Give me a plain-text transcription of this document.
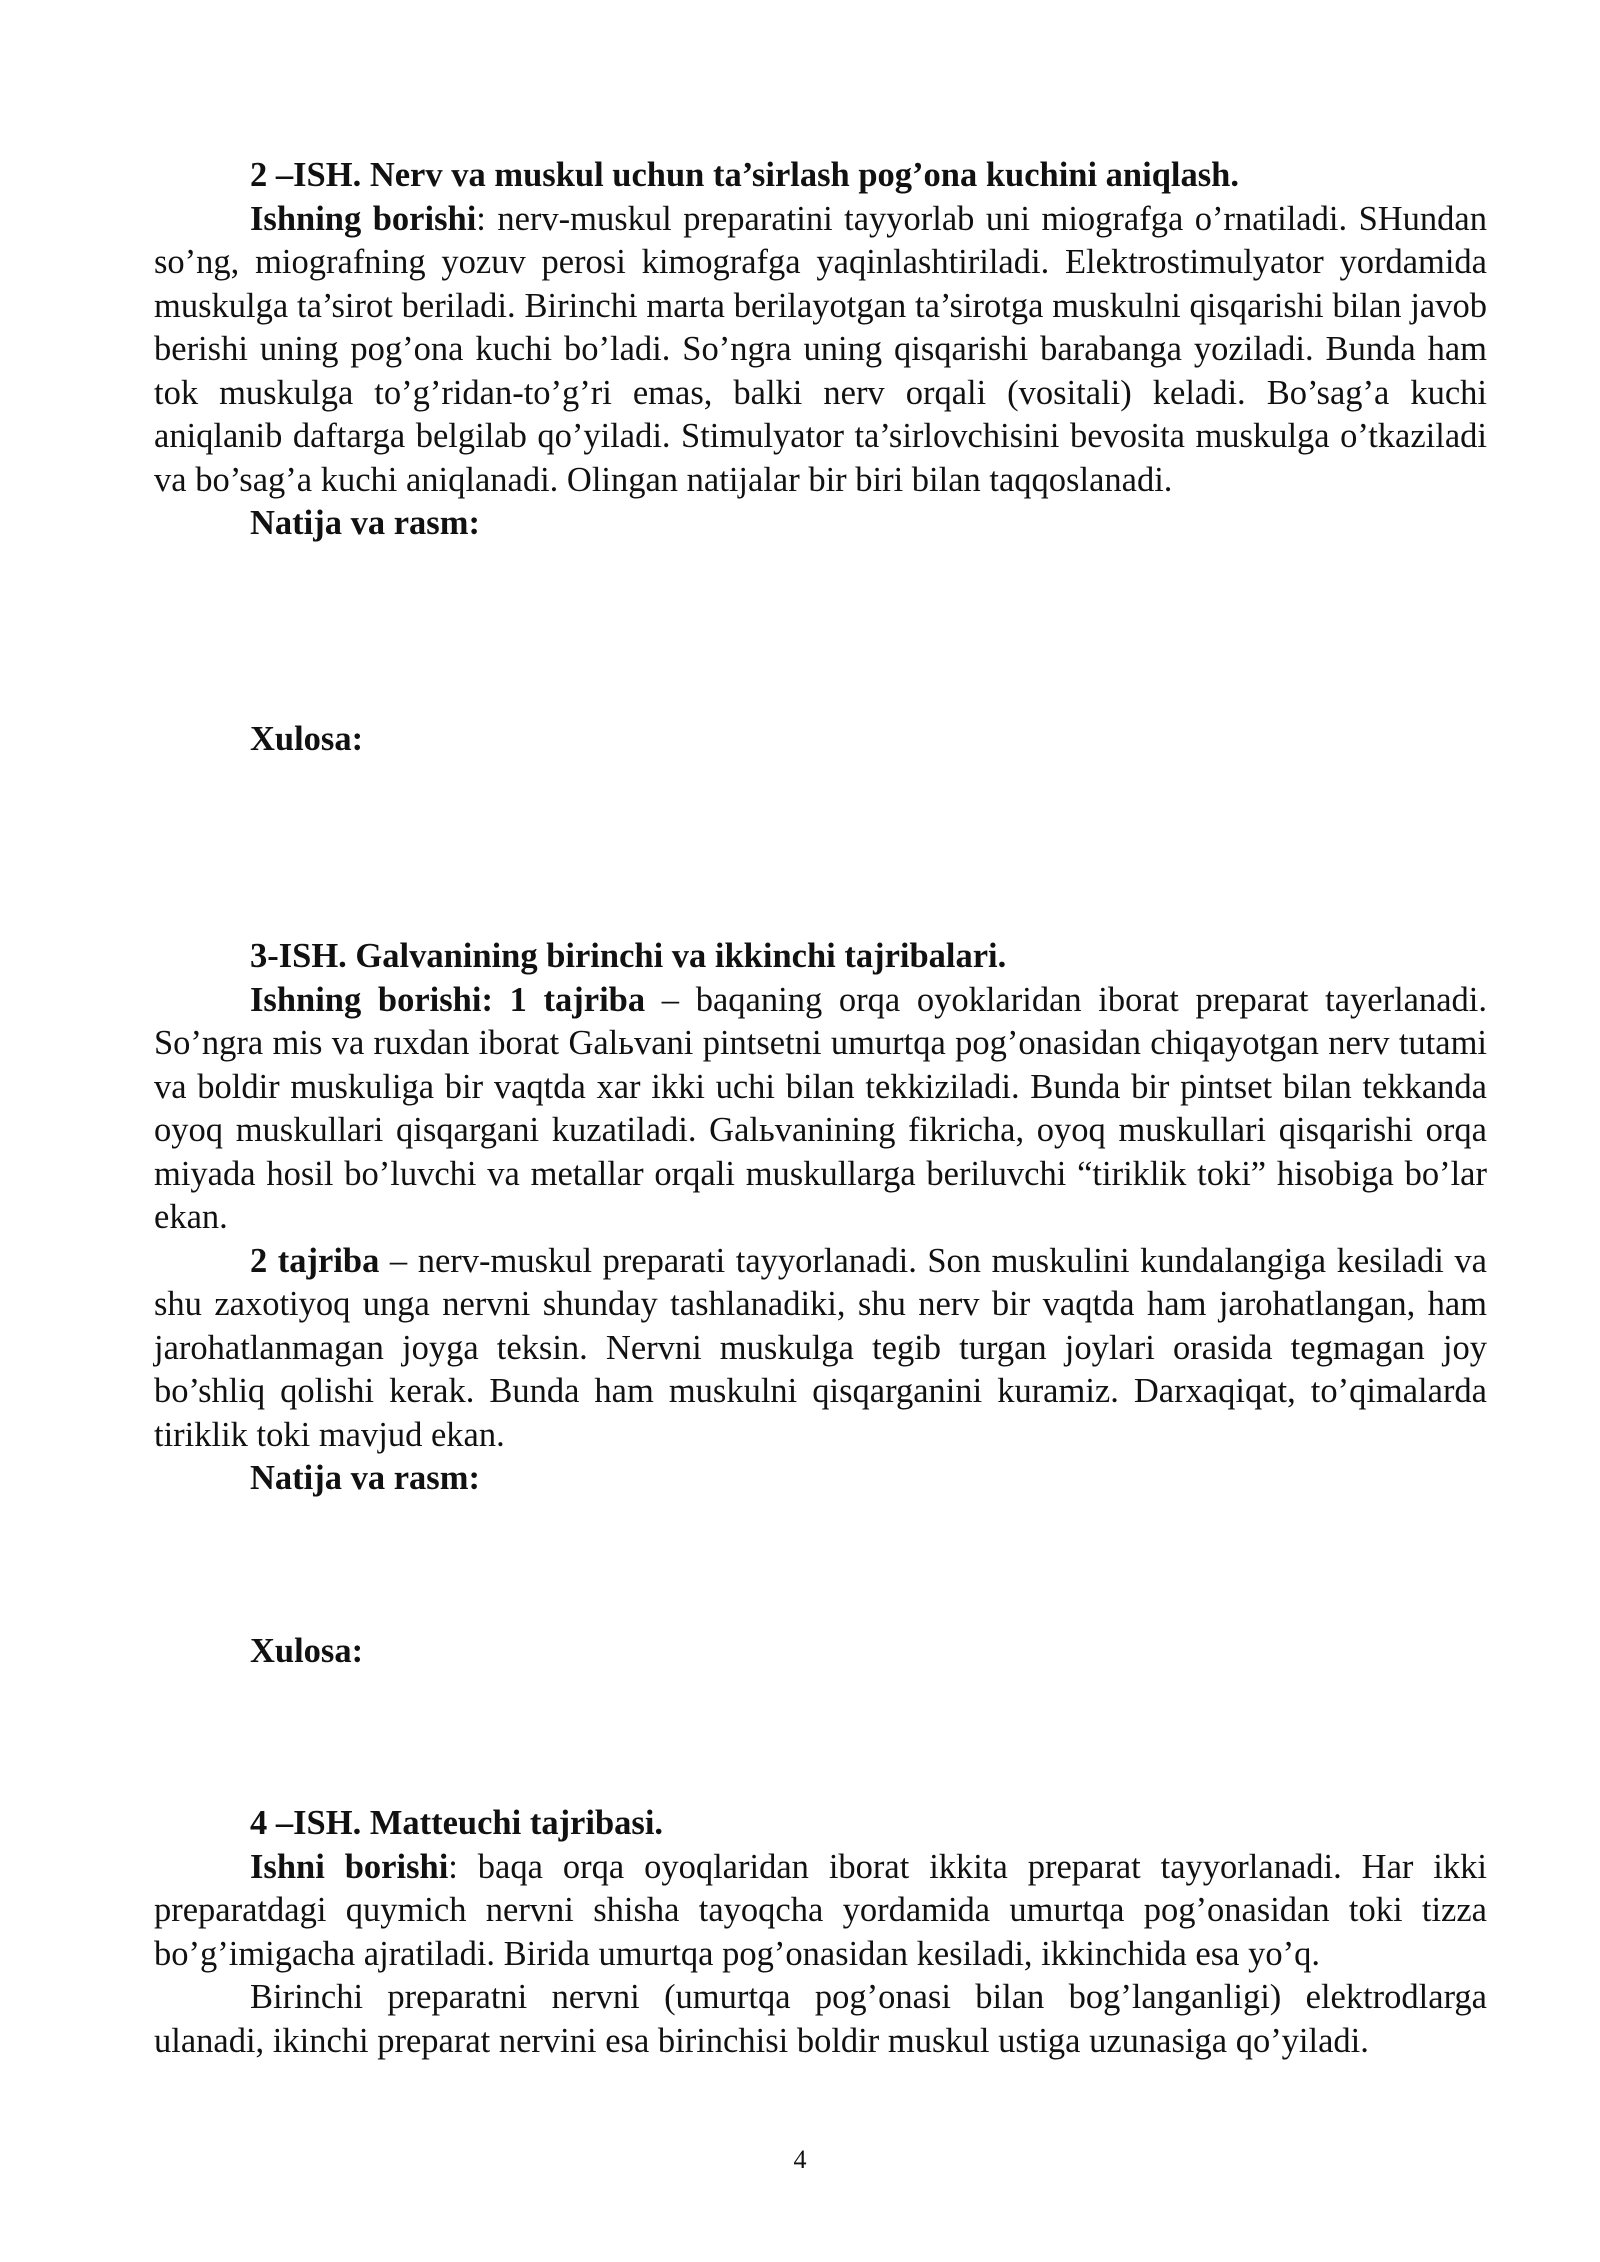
2 –ISH. Nerv va muskul uchun ta’sirlash pog’ona kuchini aniqlash.

Ishning borishi: nerv-muskul preparatini tayyorlab uni miografga o’rnatiladi. SHundan so’ng, miografning yozuv perosi kimografga yaqinlashtiriladi. Elektrostimulyator yordamida muskulga ta’sirot beriladi. Birinchi marta berilayotgan ta’sirotga muskulni qisqarishi bilan javob berishi uning pog’ona kuchi bo’ladi. So’ngra uning qisqarishi barabanga yoziladi. Bunda ham tok muskulga to’g’ridan-to’g’ri emas, balki nerv orqali (vositali) keladi. Bo’sag’a kuchi aniqlanib daftarga belgilab qo’yiladi. Stimulyator ta’sirlovchisini bevosita muskulga o’tkaziladi va bo’sag’a kuchi aniqlanadi. Olingan natijalar bir biri bilan taqqoslanadi.

Natija va rasm:

Xulosa:

3-ISH. Galvanining birinchi va ikkinchi tajribalari.

Ishning borishi: 1 tajriba – baqaning orqa oyoklaridan iborat preparat tayerlanadi. So’ngra mis va ruxdan iborat Galьvani pintsetni umurtqa pog’onasidan chiqayotgan nerv tutami va boldir muskuliga bir vaqtda xar ikki uchi bilan tekkiziladi. Bunda bir pintset bilan tekkanda oyoq muskullari qisqargani kuzatiladi. Galьvanining fikricha, oyoq muskullari qisqarishi orqa miyada hosil bo’luvchi va metallar orqali muskullarga beriluvchi “tiriklik toki” hisobiga bo’lar ekan.

2 tajriba – nerv-muskul preparati tayyorlanadi. Son muskulini kundalangiga kesiladi va shu zaxotiyoq unga nervni shunday tashlanadiki, shu nerv bir vaqtda ham jarohatlangan, ham jarohatlanmagan joyga teksin. Nervni muskulga tegib turgan joylari orasida tegmagan joy bo’shliq qolishi kerak. Bunda ham muskulni qisqarganini kuramiz. Darxaqiqat, to’qimalarda tiriklik toki mavjud ekan.

Natija va rasm:

Xulosa:

4 –ISH. Matteuchi tajribasi.

Ishni borishi: baqa orqa oyoqlaridan iborat ikkita preparat tayyorlanadi. Har ikki preparatdagi quymich nervni shisha tayoqcha yordamida umurtqa pog’onasidan toki tizza bo’g’imigacha ajratiladi. Birida umurtqa pog’onasidan kesiladi, ikkinchida esa yo’q.

Birinchi preparatni nervni (umurtqa pog’onasi bilan bog’langanligi) elektrodlarga ulanadi, ikinchi preparat nervini esa birinchisi boldir muskul ustiga uzunasiga qo’yiladi.

4
